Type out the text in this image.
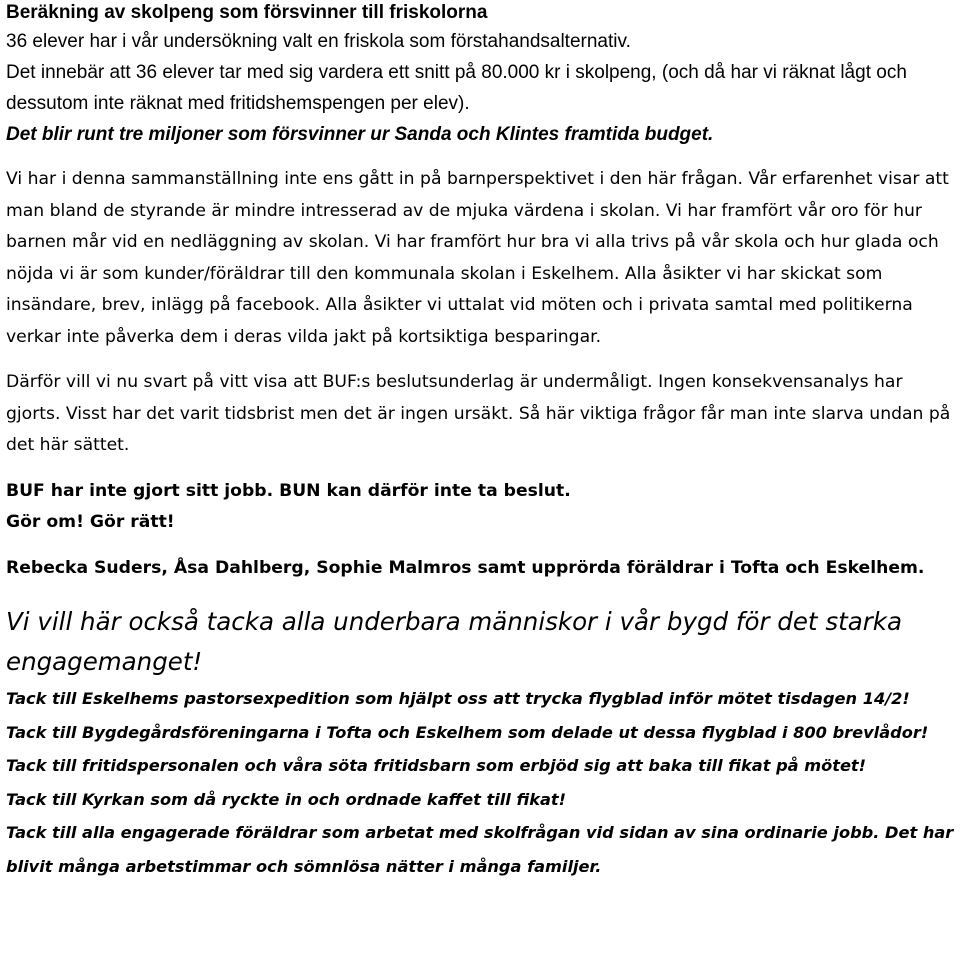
Beräkning av skolpeng som försvinner till friskolorna

36 elever har i vår undersökning valt en friskola som förstahandsalternativ.

Det innebär att 36 elever tar med sig vardera ett snitt på 80.000 kr i skolpeng, (och då har vi räknat lågt och dessutom inte räknat med fritidshemspengen per elev).

Det blir runt tre miljoner som försvinner ur Sanda och Klintes framtida budget.

Vi har i denna sammanställning inte ens gått in på barnperspektivet i den här frågan. Vår erfarenhet visar att man bland de styrande är mindre intresserad av de mjuka värdena i skolan. Vi har framfört vår oro för hur barnen mår vid en nedläggning av skolan. Vi har framfört hur bra vi alla trivs på vår skola och hur glada och nöjda vi är som kunder/föräldrar till den kommunala skolan i Eskelhem. Alla åsikter vi har skickat som insändare, brev, inlägg på facebook. Alla åsikter vi uttalat vid möten och i privata samtal med politikerna verkar inte påverka dem i deras vilda jakt på kortsiktiga besparingar.

Därför vill vi nu svart på vitt visa att BUF:s beslutsunderlag är undermåligt. Ingen konsekvensanalys har gjorts. Visst har det varit tidsbrist men det är ingen ursäkt. Så här viktiga frågor får man inte slarva undan på det här sättet.

BUF har inte gjort sitt jobb. BUN kan därför inte ta beslut.

Gör om! Gör rätt!

Rebecka Suders, Åsa Dahlberg, Sophie Malmros samt upprörda föräldrar i Tofta och Eskelhem.

Vi vill här också tacka alla underbara människor i vår bygd för det starka engagemanget!

Tack till Eskelhems pastorsexpedition som hjälpt oss att trycka flygblad inför mötet tisdagen 14/2!

Tack till Bygdegårdsföreningarna i Tofta och Eskelhem som delade ut dessa flygblad i 800 brevlådor!

Tack till fritidspersonalen och våra söta fritidsbarn som erbjöd sig att baka till fikat på mötet!

Tack till Kyrkan som då ryckte in och ordnade kaffet till fikat!

Tack till alla engagerade föräldrar som arbetat med skolfrågan vid sidan av sina ordinarie jobb. Det har blivit många arbetstimmar och sömnlösa nätter i många familjer.
